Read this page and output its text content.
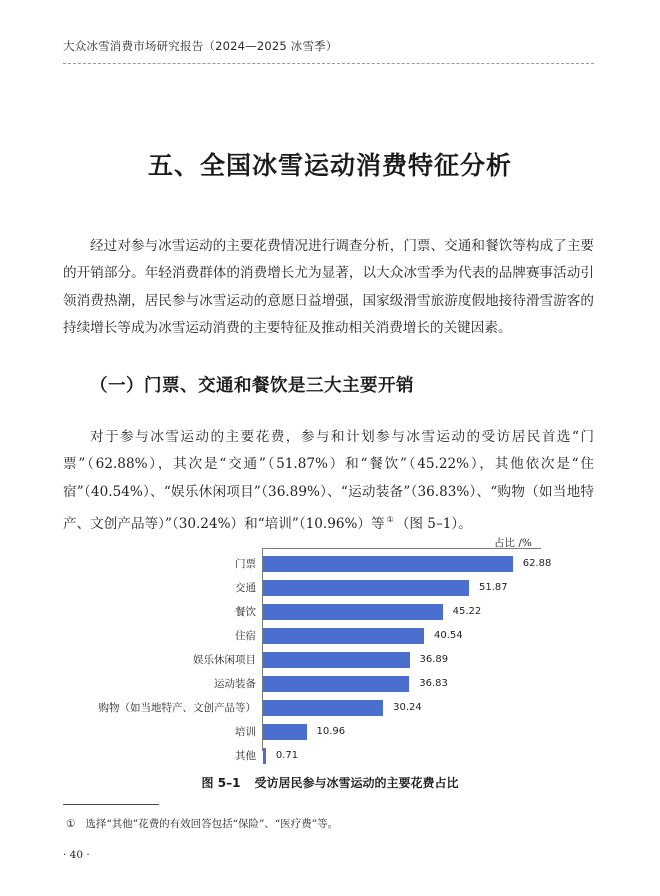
大众冰雪消费市场研究报告（2024—2025 冰雪季）
五、全国冰雪运动消费特征分析

经过对参与冰雪运动的主要花费情况进行调查分析，门票、交通和餐饮等构成了主要的开销部分。年轻消费群体的消费增长尤为显著，以大众冰雪季为代表的品牌赛事活动引领消费热潮，居民参与冰雪运动的意愿日益增强，国家级滑雪旅游度假地接待滑雪游客的持续增长等成为冰雪运动消费的主要特征及推动相关消费增长的关键因素。

（一）门票、交通和餐饮是三大主要开销

对于参与冰雪运动的主要花费，参与和计划参与冰雪运动的受访居民首选“门票”（62.88%），其次是“交通”（51.87%）和“餐饮”（45.22%），其他依次是“住宿”（40.54%）、“娱乐休闲项目”（36.89%）、“运动装备”（36.83%）、“购物（如当地特产、文创产品等）”（30.24%）和“培训”（10.96%）等 ① （图 5–1）。

占比 /%
门票	62.88
交通	51.87
餐饮	45.22
住宿	40.54
娱乐休闲项目	36.89
运动装备	36.83
购物（如当地特产、文创产品等）	30.24
培训	10.96
其他 0.71
图 5–1 受访居民参与冰雪运动的主要花费占比
① 选择“其他”花费的有效回答包括“保险”、“医疗费”等。
· 40 ·
